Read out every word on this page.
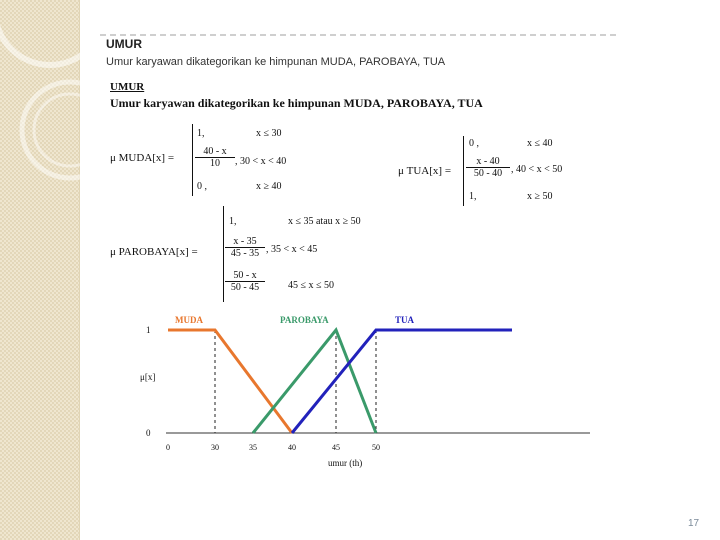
UMUR
Umur karyawan dikategorikan ke himpunan MUDA, PAROBAYA, TUA
UMUR
Umur karyawan dikategorikan ke himpunan MUDA, PAROBAYA, TUA
μ MUDA[x] =
1,	x ≤ 30
$\frac{40 - x}{10}$ , 30 < x < 40
0 ,	x ≥ 40
μ TUA[x] =
0 ,	x ≤ 40
$\frac{x - 40}{50 - 40}$ , 40 < x < 50
1,	x ≥ 50
μ PAROBAYA[x] =
1,	x ≤ 35 atau x ≥ 50
$\frac{x - 35}{45 - 35}$ , 35 < x < 45
$\frac{50 - x}{50 - 45} 45 \le x \le 50$
0	30	35	40	45	50
0
1
MUDA	PAROBAYA	TUA
μ[x]
umur (th)
17
